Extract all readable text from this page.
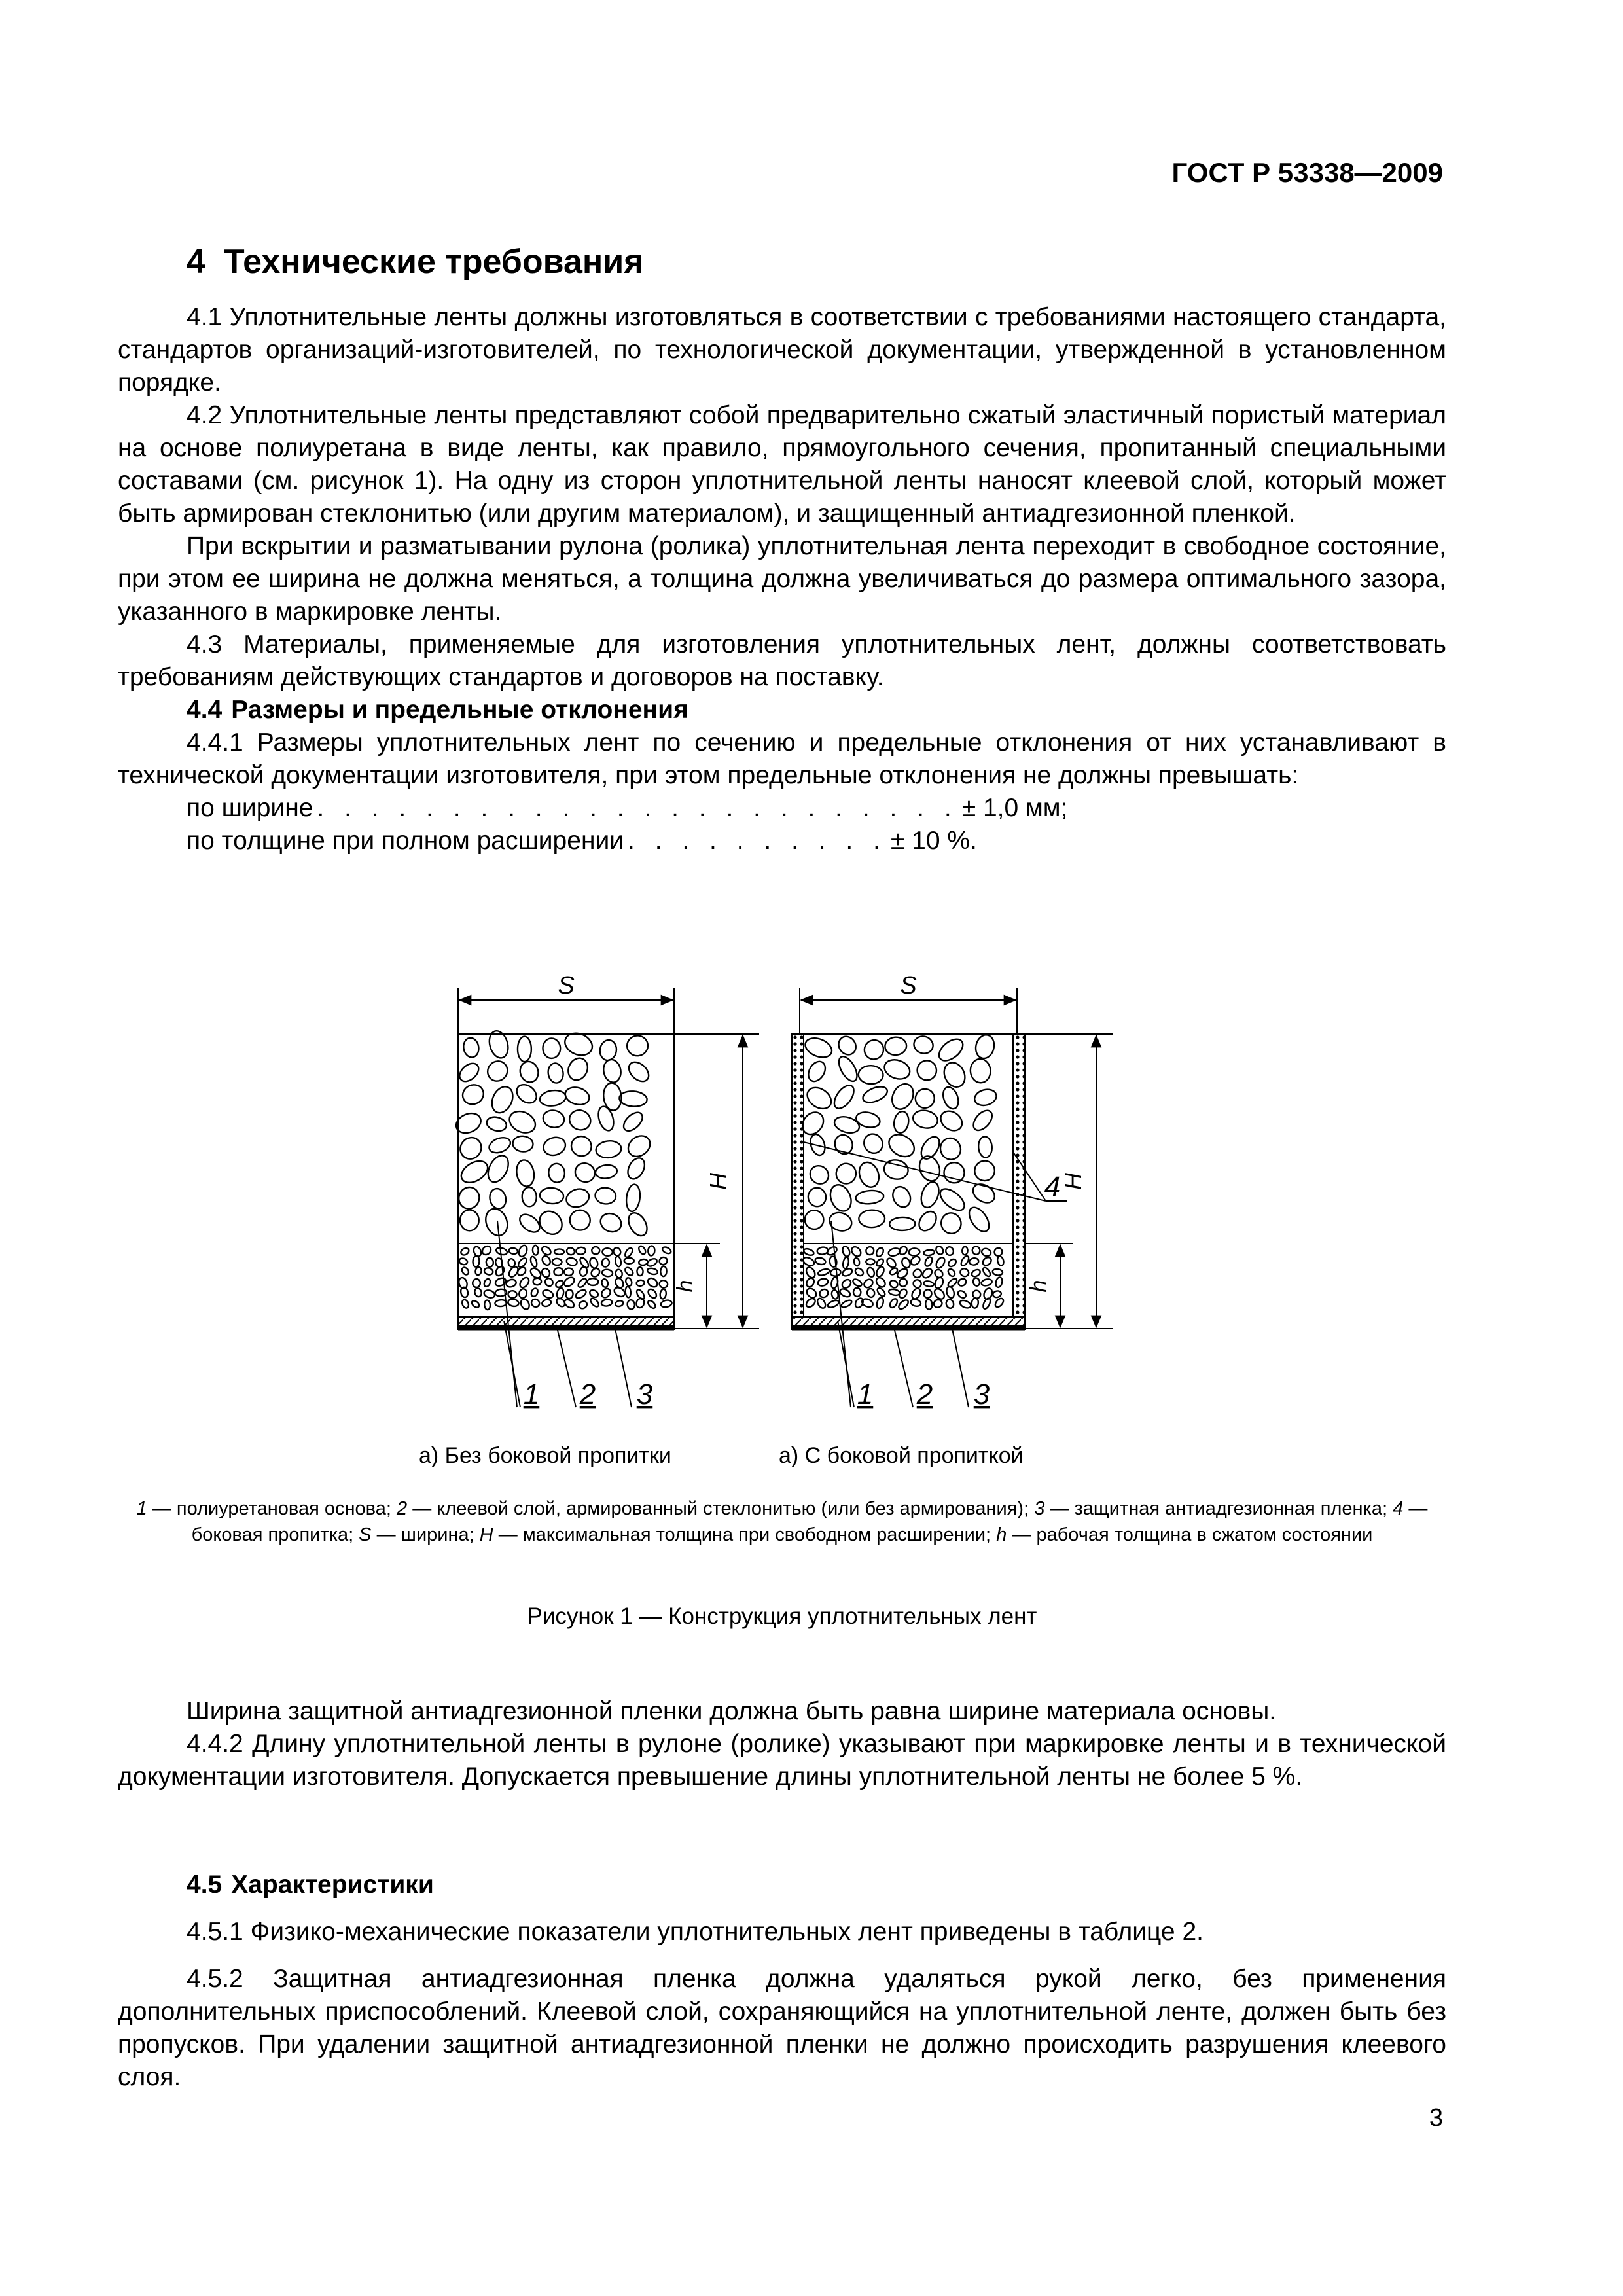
ГОСТ Р 53338—2009
4 Технические требования

4.1 Уплотнительные ленты должны изготовляться в соответствии с требованиями настоящего стандарта, стандартов организаций-изготовителей, по технологической документации, утвержденной в установленном порядке.

4.2 Уплотнительные ленты представляют собой предварительно сжатый эластичный пористый материал на основе полиуретана в виде ленты, как правило, прямоугольного сечения, пропитанный специальными составами (см. рисунок 1). На одну из сторон уплотнительной ленты наносят клеевой слой, который может быть армирован стеклонитью (или другим материалом), и защищенный антиадгезионной пленкой.

При вскрытии и разматывании рулона (ролика) уплотнительная лента переходит в свободное состояние, при этом ее ширина не должна меняться, а толщина должна увеличиваться до размера оптимального зазора, указанного в маркировке ленты.

4.3 Материалы, применяемые для изготовления уплотнительных лент, должны соответствовать требованиям действующих стандартов и договоров на поставку.

4.4 Размеры и предельные отклонения

4.4.1 Размеры уплотнительных лент по сечению и предельные отклонения от них устанавливают в технической документации изготовителя, при этом предельные отклонения не должны превышать:

по ширине . . . . . . . . . . . . . . . . . . . . . . . . ± 1,0 мм;
по толщине при полном расширении . . . . . . . . . . ± 10 %.
S
H
h
1 2 3
S
H
h
4
1 2 3
а) Без боковой пропитки	а) С боковой пропиткой
1 — полиуретановая основа; 2 — клеевой слой, армированный стеклонитью (или без армирования); 3 — защитная антиадгезионная пленка; 4 — боковая пропитка; S — ширина; H — максимальная толщина при свободном расширении; h — рабочая толщина в сжатом состоянии
Рисунок 1 — Конструкция уплотнительных лент

Ширина защитной антиадгезионной пленки должна быть равна ширине материала основы.

4.4.2 Длину уплотнительной ленты в рулоне (ролике) указывают при маркировке ленты и в технической документации изготовителя. Допускается превышение длины уплотнительной ленты не более 5 %.

4.5 Характеристики

4.5.1 Физико-механические показатели уплотнительных лент приведены в таблице 2.

4.5.2 Защитная антиадгезионная пленка должна удаляться рукой легко, без применения дополнительных приспособлений. Клеевой слой, сохраняющийся на уплотнительной ленте, должен быть без пропусков. При удалении защитной антиадгезионной пленки не должно происходить разрушения клеевого слоя.

3
